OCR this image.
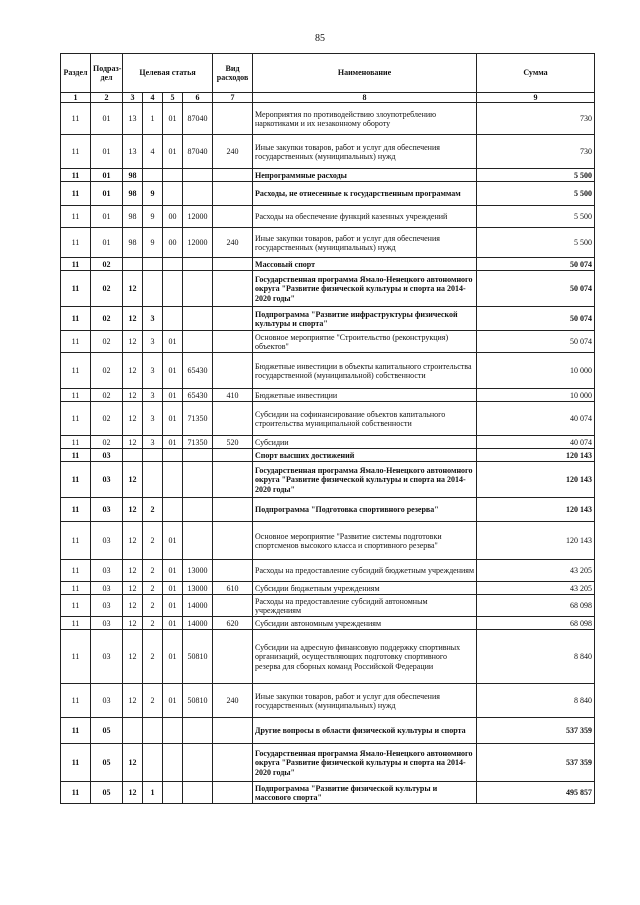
85
Раздел	Подраз-дел	Целевая статья				Вид расходов	Наименование	Сумма
1	2	3	4	5	6	7	8	9
11	01	13	1	01	87040		Мероприятия по противодействию злоупотреблению наркотиками и их незаконному обороту	730
11	01	13	4	01	87040	240	Иные закупки товаров, работ и услуг для обеспечения государственных (муниципальных) нужд	730
11	01	98					Непрограммные расходы	5 500
11	01	98	9				Расходы, не отнесенные к государственным программам	5 500
11	01	98	9	00	12000		Расходы на обеспечение функций казенных учреждений	5 500
11	01	98	9	00	12000	240	Иные закупки товаров, работ и услуг для обеспечения государственных (муниципальных) нужд	5 500
11	02						Массовый спорт	50 074
11	02	12					Государственная программа Ямало-Ненецкого автономного округа "Развитие физической культуры и спорта на 2014-2020 годы"	50 074
11	02	12	3				Подпрограмма "Развитие инфраструктуры физической культуры и спорта"	50 074
11	02	12	3	01			Основное мероприятие "Строительство (реконструкция) объектов"	50 074
11	02	12	3	01	65430		Бюджетные инвестиции в объекты капитального строительства государственной (муниципальной) собственности	10 000
11	02	12	3	01	65430	410	Бюджетные инвестиции	10 000
11	02	12	3	01	71350		Субсидии на софинансирование объектов капитального строительства муниципальной собственности	40 074
11	02	12	3	01	71350	520	Субсидии	40 074
11	03						Спорт высших достижений	120 143
11	03	12					Государственная программа Ямало-Ненецкого автономного округа "Развитие физической культуры и спорта на 2014-2020 годы"	120 143
11	03	12	2				Подпрограмма "Подготовка спортивного резерва"	120 143
11	03	12	2	01			Основное мероприятие "Развитие системы подготовки спортсменов высокого класса и спортивного резерва"	120 143
11	03	12	2	01	13000		Расходы на предоставление субсидий бюджетным учреждениям	43 205
11	03	12	2	01	13000	610	Субсидии бюджетным учреждениям	43 205
11	03	12	2	01	14000		Расходы на предоставление субсидий автономным учреждениям	68 098
11	03	12	2	01	14000	620	Субсидии автономным учреждениям	68 098
11	03	12	2	01	50810		Субсидии на адресную финансовую поддержку спортивных организаций, осуществляющих подготовку спортивного резерва для сборных команд Российской Федерации	8 840
11	03	12	2	01	50810	240	Иные закупки товаров, работ и услуг для обеспечения государственных (муниципальных) нужд	8 840
11	05						Другие вопросы в области физической культуры и спорта	537 359
11	05	12					Государственная программа Ямало-Ненецкого автономного округа "Развитие физической культуры и спорта на 2014-2020 годы"	537 359
11	05	12	1				Подпрограмма "Развитие физической культуры и массового спорта"	495 857
